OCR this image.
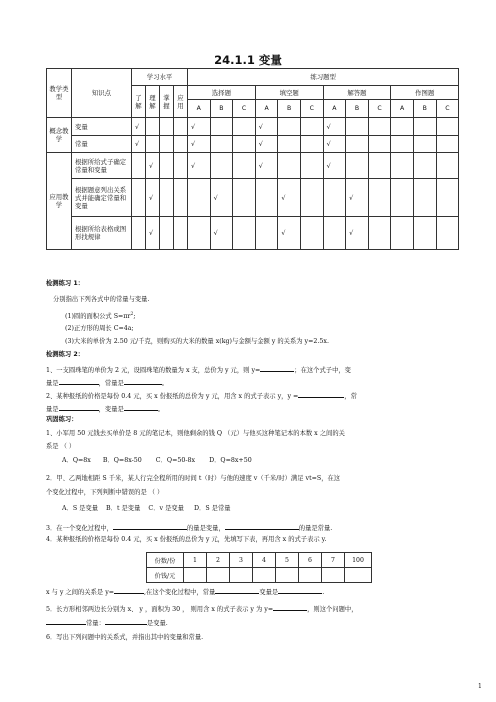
24.1.1 变量
教学类型	知识点	学习水平				练习题型											
		了解	理解	掌握	应用	选择题			填空题			解答题			作图题		
						A	B	C	A	B	C	A	B	C	A	B	C
概念教学	变量	√				√			√			√					
	常量	√				√			√			√					
应用教学	根据所给式子确定常量和变量		√			√			√			√					
	根据题意列出关系式并能确定常量和变量		√				√			√			√				
	根据所给表格或图形找规律		√				√			√			√				
检测练习 1：
分别指出下列各式中的常量与变量.
(1)圆的面积公式 $S=\pi r^2$;
(2)正方形的周长 C=4a;
(3)大米的单价为 2.50 元/千克，则购买的大米的数量 x(kg)与金额与金额 y 的关系为 y=2.5x.
检测练习 2：
1、一支圆珠笔的单价为 2 元，设圆珠笔的数量为 x 支，总价为 y 元，则 y=	；在这个式子中，变
量是	，常量是	。
2、某种报纸的价格是每份 0.4 元，买 x 份报纸的总价为 y 元，用含 x 的式子表示 y，y =	，常
量是	，变量是	。
巩固练习：
1、小军用 50 元钱去买单价是 8 元的笔记本，则他剩余的钱 Q （元）与他买这种笔记本的本数 x 之间的关
系是 （ ）
A．Q=8x      B．Q=8x-50       C．Q=50-8x       D．Q=8x+50
2．甲、乙两地相距 S 千米，某人行完全程所用的时间 t（时）与他的速度 v（千米/时）满足 vt=S，在这
个变化过程中，下列判断中错误的是 （ ）
A．S 是变量    B．t 是变量    C．v 是变量     D．S 是常量
3．在一个变化过程中，	的量是变量，	的量是常量.
4．某种报纸的价格是每份 0.4 元，买 x 份报纸的总价为 y 元，先填写下表，再用含 x 的式子表示 y.
份数/份	1	2	3	4	5	6	7	100
价钱/元								
x 与 y 之间的关系是 y=	,在这个变化过程中，常量	变量是	.
5．长方形相邻两边长分别为 x、 y ，面积为 30 ， 则用含 x 的式子表示 y 为 y=	，则这个问题中，
常量：	是变量.
6．写出下列问题中的关系式，并指出其中的变量和常量.
1
